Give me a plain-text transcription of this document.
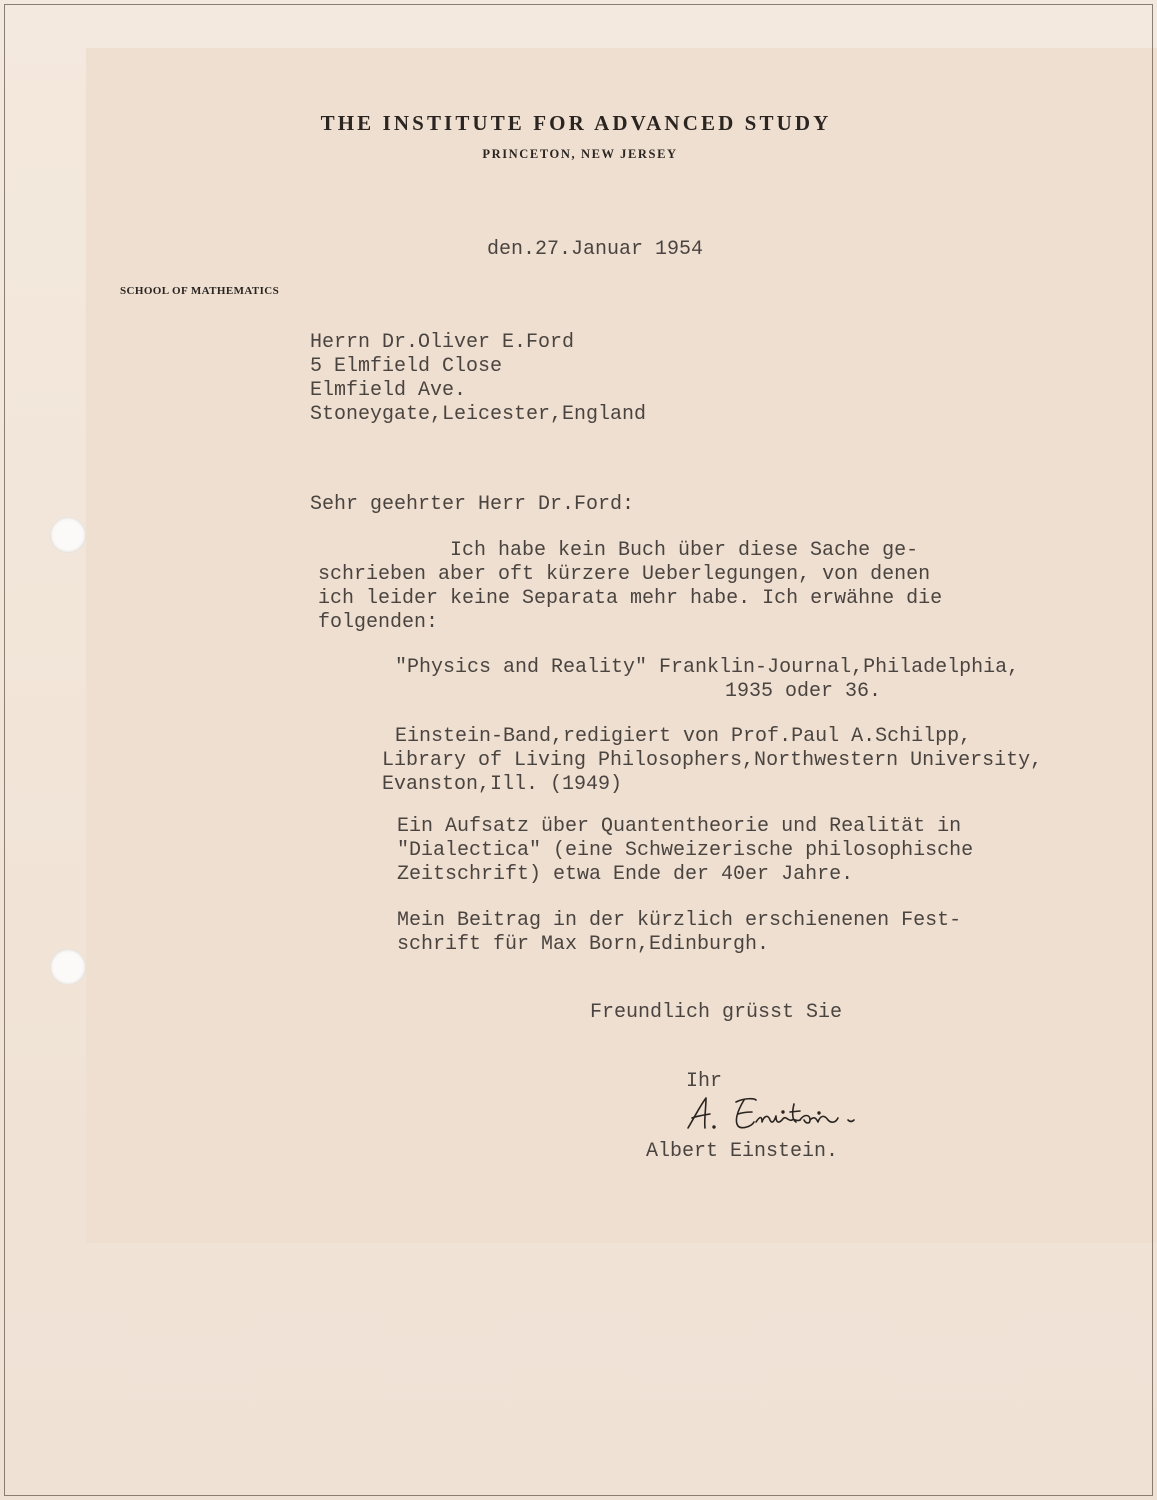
THE INSTITUTE FOR ADVANCED STUDY
PRINCETON, NEW JERSEY
SCHOOL OF MATHEMATICS
den.27.Januar 1954
Herrn Dr.Oliver E.Ford
5 Elmfield Close
Elmfield Ave.
Stoneygate,Leicester,England
Sehr geehrter Herr Dr.Ford:
Ich habe kein Buch über diese Sache ge-
schrieben aber oft kürzere Ueberlegungen, von denen
ich leider keine Separata mehr habe. Ich erwähne die
folgenden:
"Physics and Reality" Franklin-Journal,Philadelphia,
1935 oder 36.
Einstein-Band,redigiert von Prof.Paul A.Schilpp,
Library of Living Philosophers,Northwestern University,
Evanston,Ill. (1949)
Ein Aufsatz über Quantentheorie und Realität in
"Dialectica" (eine Schweizerische philosophische
Zeitschrift) etwa Ende der 40er Jahre.
Mein Beitrag in der kürzlich erschienenen Fest-
schrift für Max Born,Edinburgh.
Freundlich grüsst Sie
Ihr
Albert Einstein.
